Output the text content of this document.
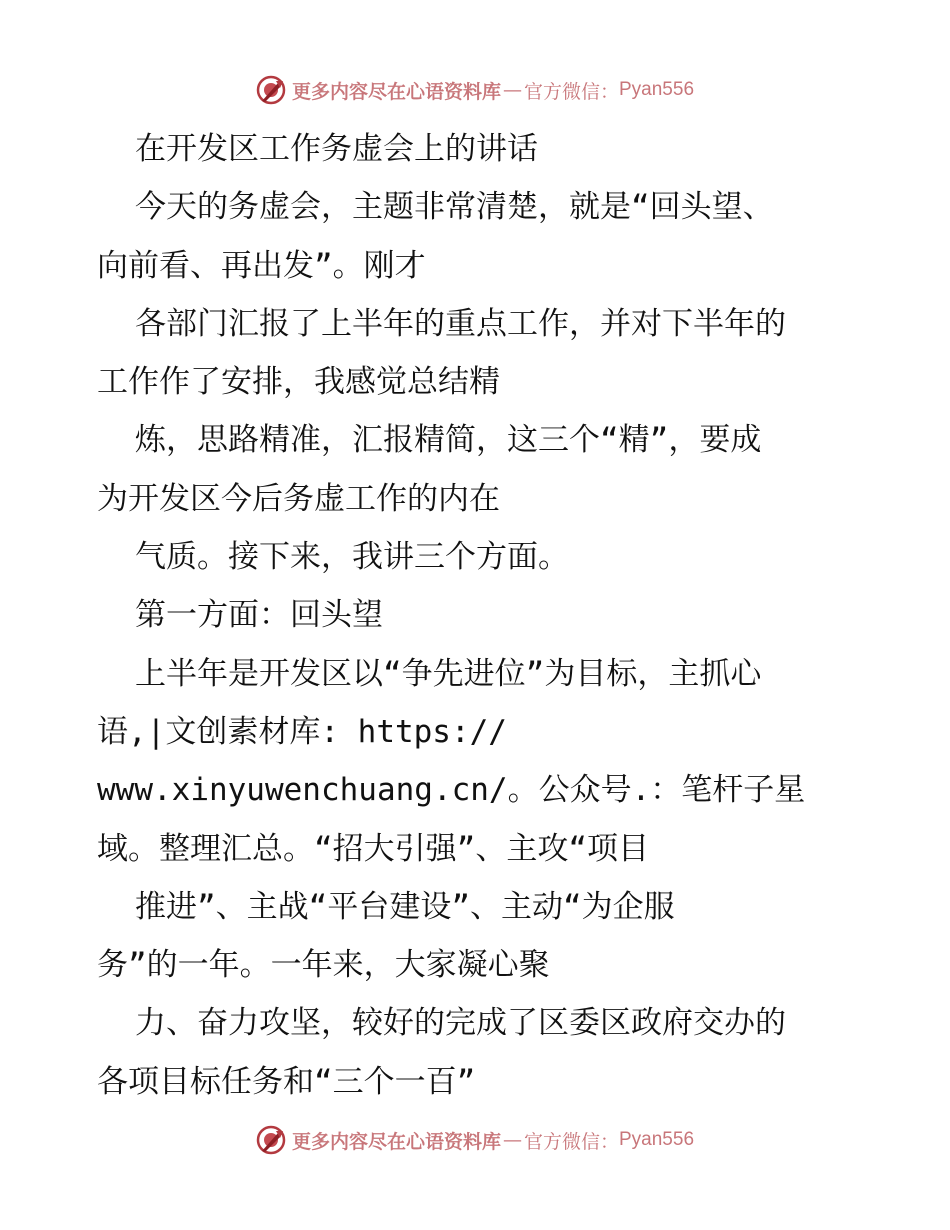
更多内容尽在心语资料库 — 官方微信： Pyan556
在开发区工作务虚会上的讲话
今天的务虚会，主题非常清楚，就是“回头望、
向前看、再出发”。刚才
各部门汇报了上半年的重点工作，并对下半年的
工作作了安排，我感觉总结精
炼，思路精准，汇报精简，这三个“精”，要成
为开发区今后务虚工作的内在
气质。接下来，我讲三个方面。
第一方面：回头望
上半年是开发区以“争先进位”为目标，主抓心
语,|文创素材库: https://
www.xinyuwenchuang.cn/。公众号.：笔杆子星
域。整理汇总。“招大引强”、主攻“项目
推进”、主战“平台建设”、主动“为企服
务”的一年。一年来，大家凝心聚
力、奋力攻坚，较好的完成了区委区政府交办的
各项目标任务和“三个一百”
更多内容尽在心语资料库 — 官方微信： Pyan556
